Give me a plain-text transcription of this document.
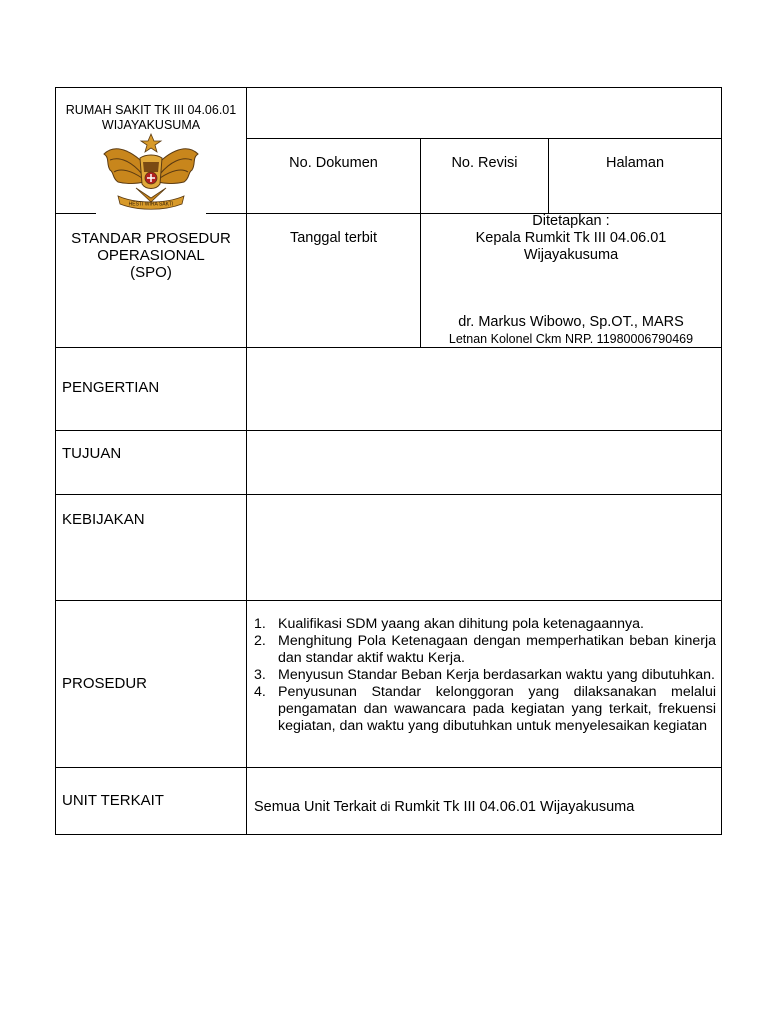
RUMAH SAKIT TK III 04.06.01
WIJAYAKUSUMA
HESTI WIRA SAKTI
No. Dokumen	No. Revisi	Halaman
STANDAR PROSEDUR
OPERASIONAL
(SPO)
Tanggal terbit
Ditetapkan :
Kepala Rumkit Tk III 04.06.01
Wijayakusuma
dr. Markus Wibowo, Sp.OT., MARS
Letnan Kolonel Ckm NRP. 11980006790469
PENGERTIAN
TUJUAN
KEBIJAKAN
PROSEDUR
UNIT TERKAIT
1. Kualifikasi SDM yaang akan dihitung pola ketenagaannya.
2. Menghitung Pola Ketenagaan dengan memperhatikan beban kinerja dan standar aktif waktu Kerja.
3. Menyusun Standar Beban Kerja berdasarkan waktu yang dibutuhkan.
4. Penyusunan Standar kelonggoran yang dilaksanakan melalui pengamatan dan wawancara pada kegiatan yang terkait, frekuensi kegiatan, dan waktu yang dibutuhkan untuk menyelesaikan kegiatan
Semua Unit Terkait di Rumkit Tk III 04.06.01 Wijayakusuma
